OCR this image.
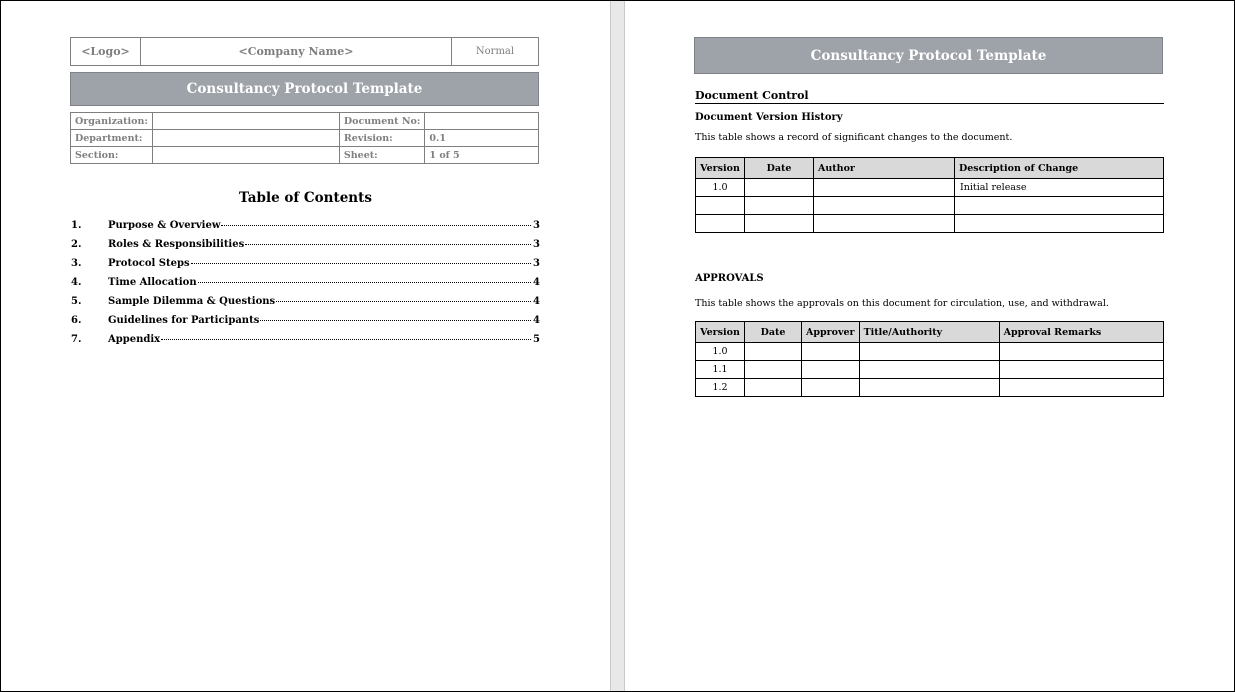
<Logo>	<Company Name>	Normal
Consultancy Protocol Template
Organization:		Document No:	
Department:		Revision:	0.1
Section:		Sheet:	1 of 5
Table of Contents
1.	Purpose & Overview	3
2.	Roles & Responsibilities	3
3.	Protocol Steps	3
4.	Time Allocation	4
5.	Sample Dilemma & Questions	4
6.	Guidelines for Participants	4
7.	Appendix	5
Consultancy Protocol Template
Document Control
Document Version History
This table shows a record of significant changes to the document.
Version	Date	Author	Description of Change
1.0			Initial release

APPROVALS
This table shows the approvals on this document for circulation, use, and withdrawal.
Version	Date	Approver	Title/Authority	Approval Remarks
1.0				
1.1				
1.2				
